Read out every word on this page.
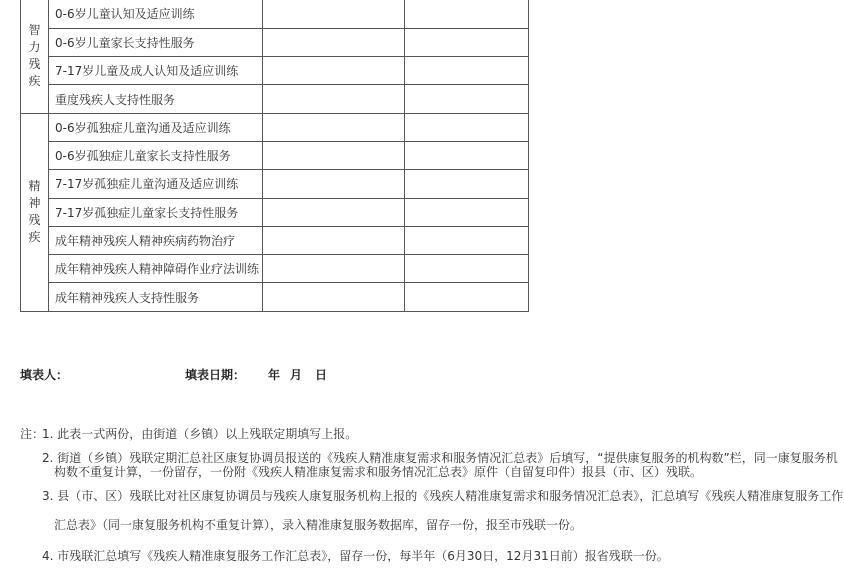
智
力
残
疾	0-6岁儿童认知及适应训练		
	0-6岁儿童家长支持性服务		
	7-17岁儿童及成人认知及适应训练		
	重度残疾人支持性服务		

精
神
残
疾	0-6岁孤独症儿童沟通及适应训练		
	0-6岁孤独症儿童家长支持性服务		
	7-17岁孤独症儿童沟通及适应训练		
	7-17岁孤独症儿童家长支持性服务		
	成年精神残疾人精神疾病药物治疗		
	成年精神残疾人精神障碍作业疗法训练		
	成年精神残疾人支持性服务		
填表人：	填表日期： 年 月 日
注：
1. 此表一式两份，由街道（乡镇）以上残联定期填写上报。
2. 街道（乡镇）残联定期汇总社区康复协调员报送的《残疾人精准康复需求和服务情况汇总表》后填写，“提供康复服务的机构数”栏，同一康复服务机
构数不重复计算，一份留存，一份附《残疾人精准康复需求和服务情况汇总表》原件（自留复印件）报县（市、区）残联。
3. 县（市、区）残联比对社区康复协调员与残疾人康复服务机构上报的《残疾人精准康复需求和服务情况汇总表》，汇总填写《残疾人精准康复服务工作
汇总表》（同一康复服务机构不重复计算），录入精准康复服务数据库，留存一份，报至市残联一份。
4. 市残联汇总填写《残疾人精准康复服务工作汇总表》，留存一份，每半年（6月30日，12月31日前）报省残联一份。
